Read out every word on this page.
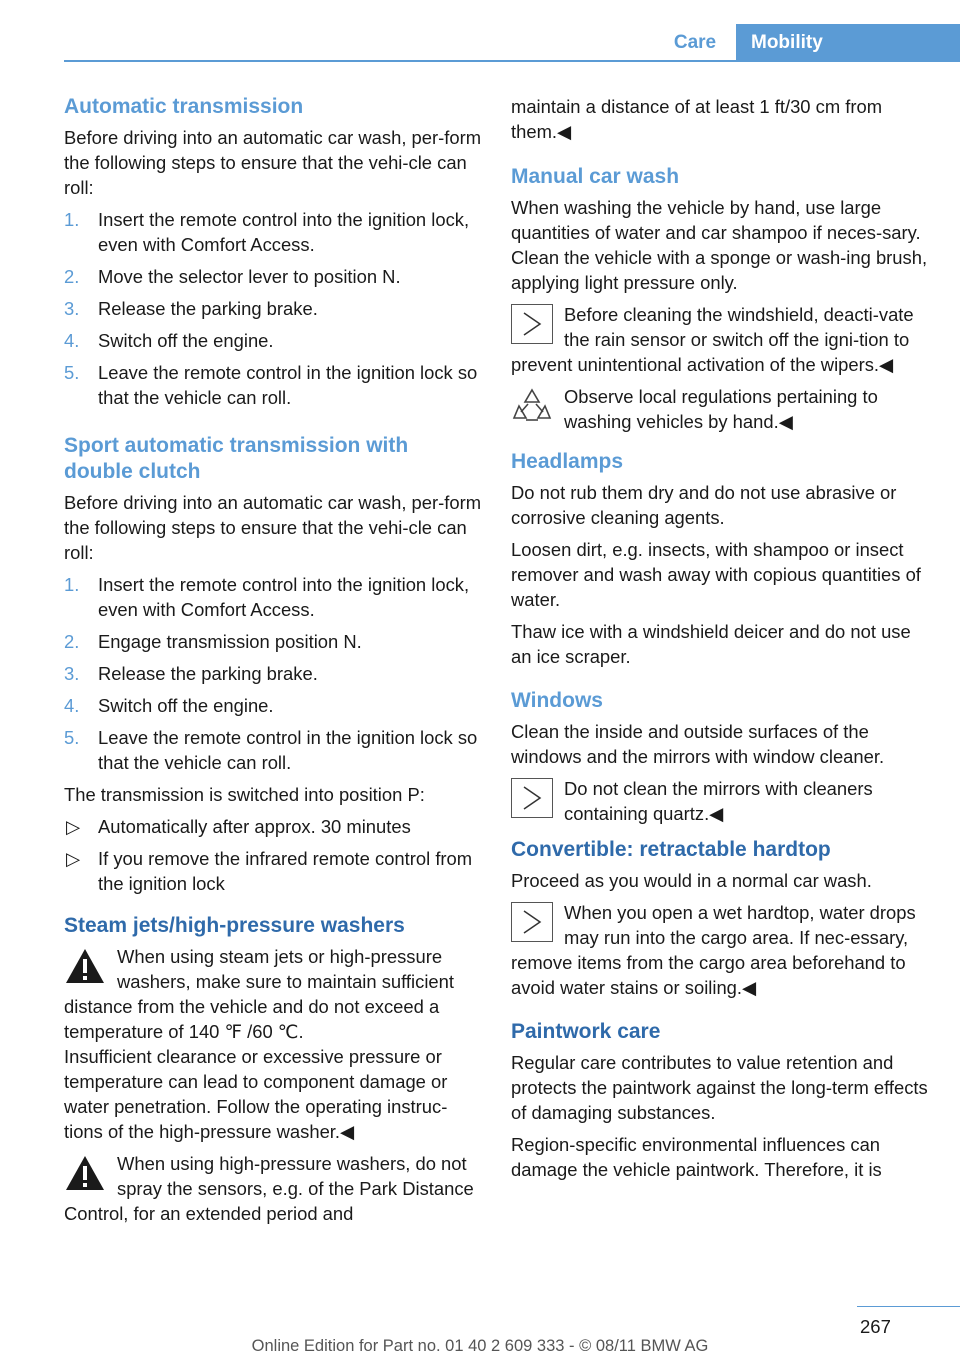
Care	Mobility
Automatic transmission

Before driving into an automatic car wash, per-form the following steps to ensure that the vehi-cle can roll:

1. Insert the remote control into the ignition lock, even with Comfort Access.
2. Move the selector lever to position N.
3. Release the parking brake.
4. Switch off the engine.
5. Leave the remote control in the ignition lock so that the vehicle can roll.
Sport automatic transmission with double clutch

Before driving into an automatic car wash, per-form the following steps to ensure that the vehi-cle can roll:

1. Insert the remote control into the ignition lock, even with Comfort Access.
2. Engage transmission position N.
3. Release the parking brake.
4. Switch off the engine.
5. Leave the remote control in the ignition lock so that the vehicle can roll.

The transmission is switched into position P:

▷ Automatically after approx. 30 minutes
▷ If you remove the infrared remote control from the ignition lock
Steam jets/high-pressure washers
When using steam jets or high-pressure washers, make sure to maintain sufficient distance from the vehicle and do not exceed a temperature of 140 ℉ /60 ℃.
Insufficient clearance or excessive pressure or temperature can lead to component damage or water penetration. Follow the operating instruc-tions of the high-pressure washer.◀
When using high-pressure washers, do not spray the sensors, e.g. of the Park Distance Control, for an extended period and

maintain a distance of at least 1 ft/30 cm from them.◀

Manual car wash

When washing the vehicle by hand, use large quantities of water and car shampoo if neces-sary. Clean the vehicle with a sponge or wash-ing brush, applying light pressure only.

Before cleaning the windshield, deacti-vate the rain sensor or switch off the igni-tion to prevent unintentional activation of the wipers.◀
Observe local regulations pertaining to washing vehicles by hand.◀
Headlamps

Do not rub them dry and do not use abrasive or corrosive cleaning agents.

Loosen dirt, e.g. insects, with shampoo or insect remover and wash away with copious quantities of water.

Thaw ice with a windshield deicer and do not use an ice scraper.

Windows

Clean the inside and outside surfaces of the windows and the mirrors with window cleaner.

Do not clean the mirrors with cleaners containing quartz.◀
Convertible: retractable hardtop

Proceed as you would in a normal car wash.

When you open a wet hardtop, water drops may run into the cargo area. If nec-essary, remove items from the cargo area beforehand to avoid water stains or soiling.◀
Paintwork care

Regular care contributes to value retention and protects the paintwork against the long-term effects of damaging substances.

Region-specific environmental influences can damage the vehicle paintwork. Therefore, it is

267
Online Edition for Part no. 01 40 2 609 333 - © 08/11 BMW AG
